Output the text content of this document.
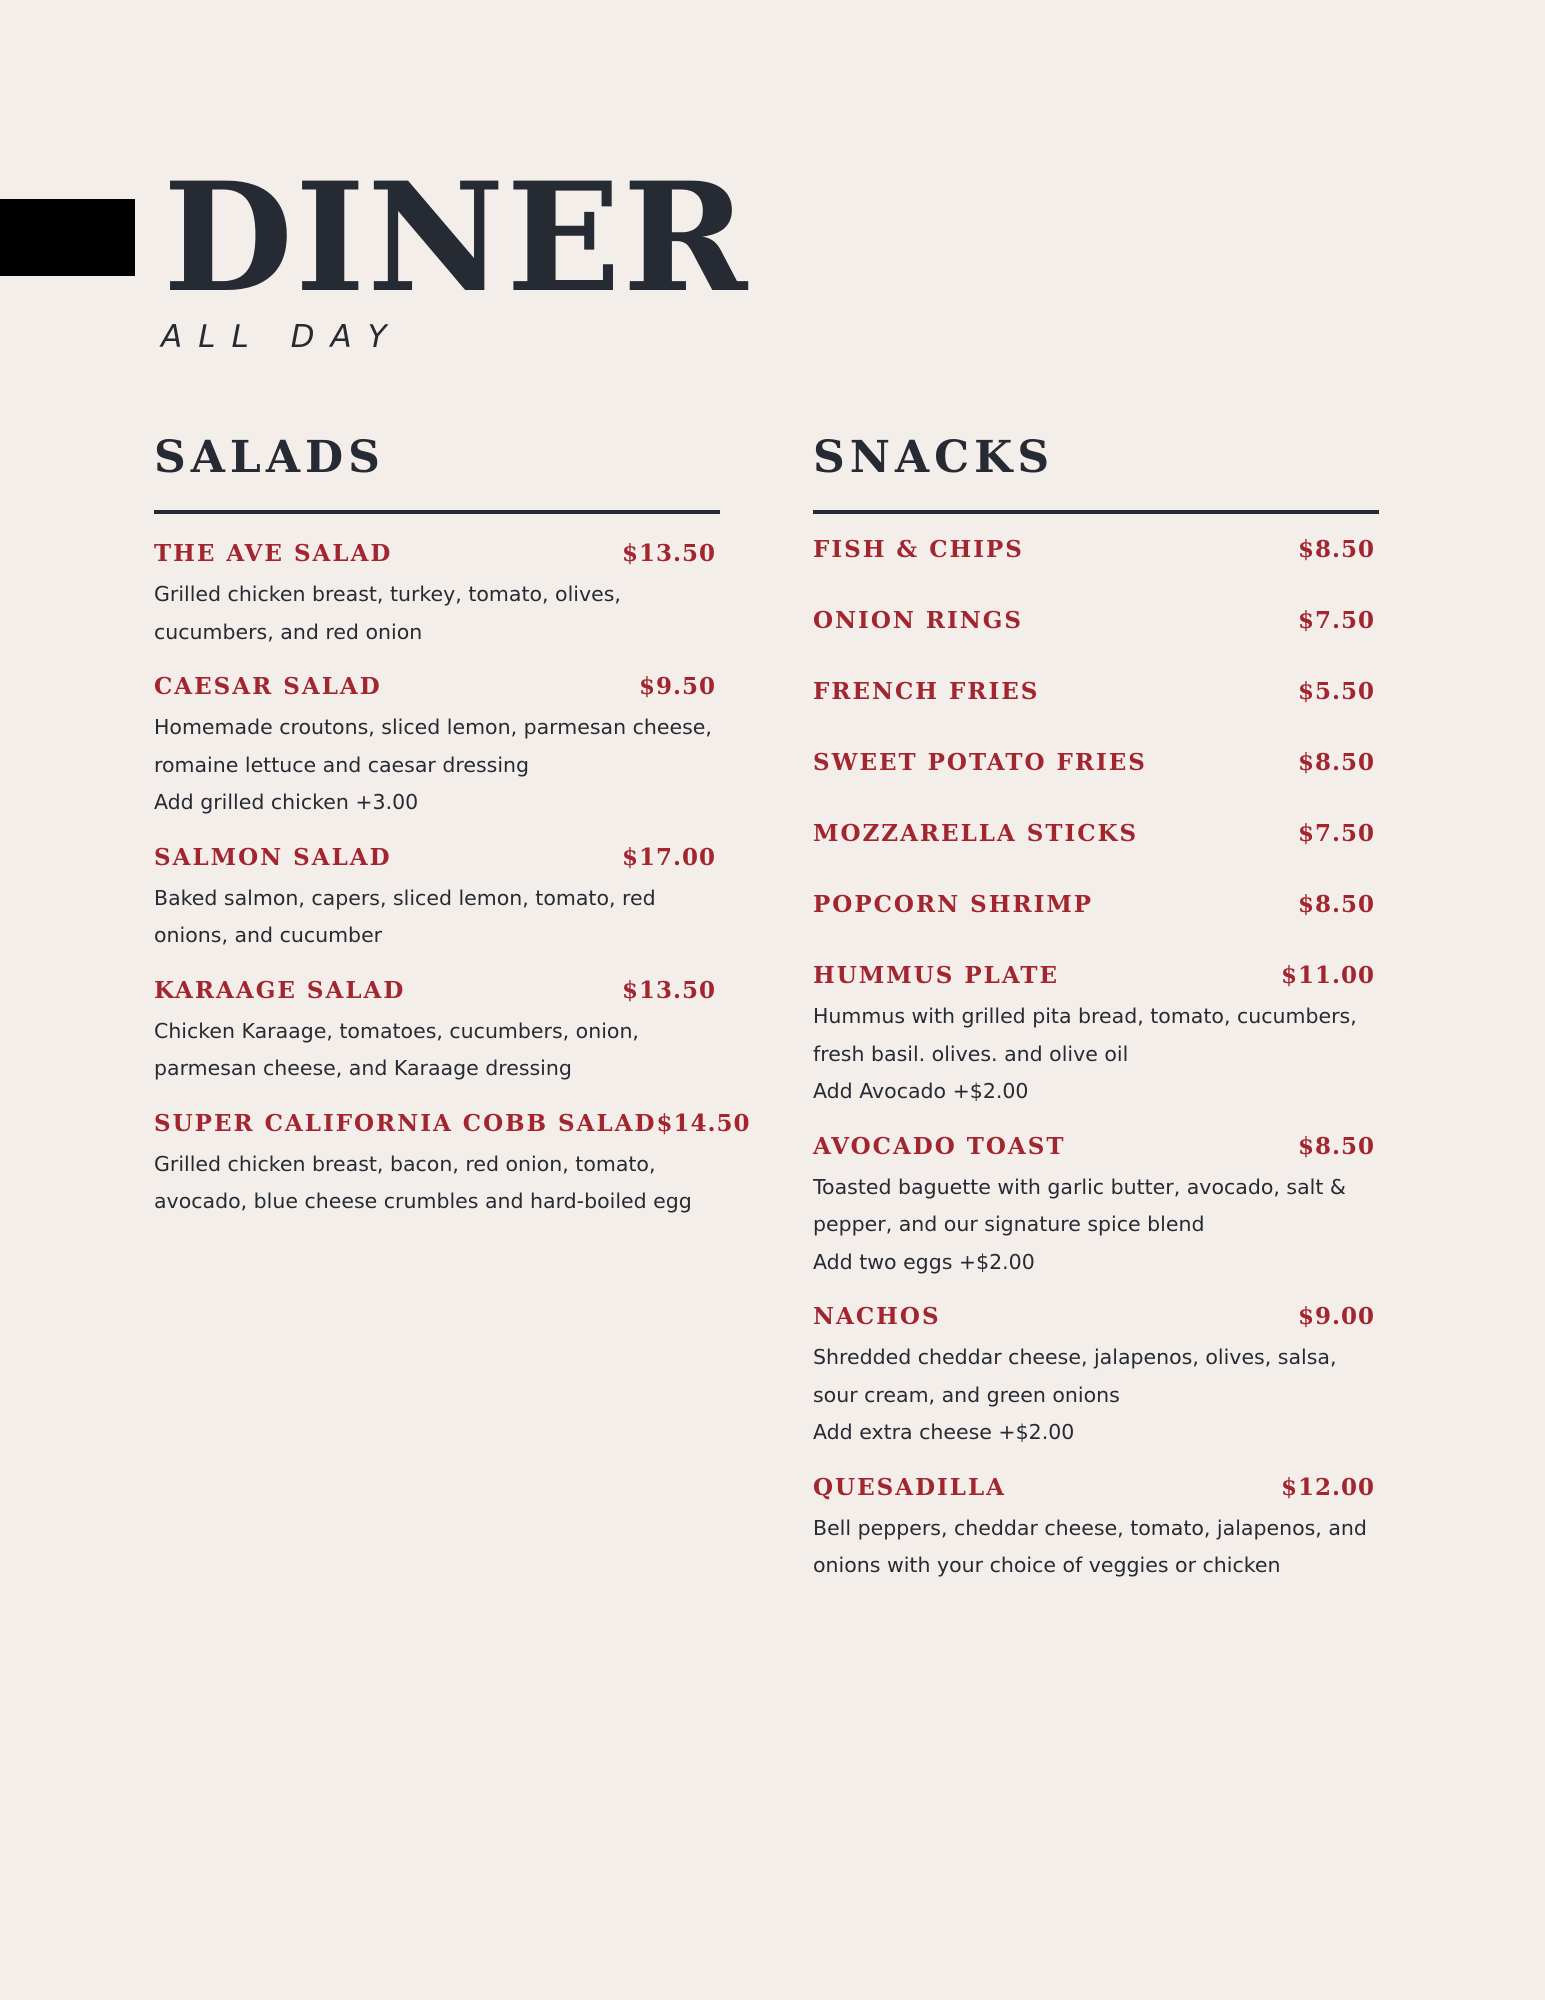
DINER
ALL DAY
SALADS
THE AVE SALAD	$13.50
Grilled chicken breast, turkey, tomato, olives,
cucumbers, and red onion
CAESAR SALAD	$9.50
Homemade croutons, sliced lemon, parmesan cheese,
romaine lettuce and caesar dressing
Add grilled chicken +3.00
SALMON SALAD	$17.00
Baked salmon, capers, sliced lemon, tomato, red
onions, and cucumber
KARAAGE SALAD	$13.50
Chicken Karaage, tomatoes, cucumbers, onion,
parmesan cheese, and Karaage dressing
SUPER CALIFORNIA COBB SALAD $14.50
Grilled chicken breast, bacon, red onion, tomato,
avocado, blue cheese crumbles and hard-boiled egg
SNACKS
FISH & CHIPS	$8.50
ONION RINGS	$7.50
FRENCH FRIES	$5.50
SWEET POTATO FRIES	$8.50
MOZZARELLA STICKS	$7.50
POPCORN SHRIMP	$8.50
HUMMUS PLATE	$11.00
Hummus with grilled pita bread, tomato, cucumbers,
fresh basil. olives. and olive oil
Add Avocado +$2.00
AVOCADO TOAST	$8.50
Toasted baguette with garlic butter, avocado, salt &
pepper, and our signature spice blend
Add two eggs +$2.00
NACHOS	$9.00
Shredded cheddar cheese, jalapenos, olives, salsa,
sour cream, and green onions
Add extra cheese +$2.00
QUESADILLA	$12.00
Bell peppers, cheddar cheese, tomato, jalapenos, and
onions with your choice of veggies or chicken
